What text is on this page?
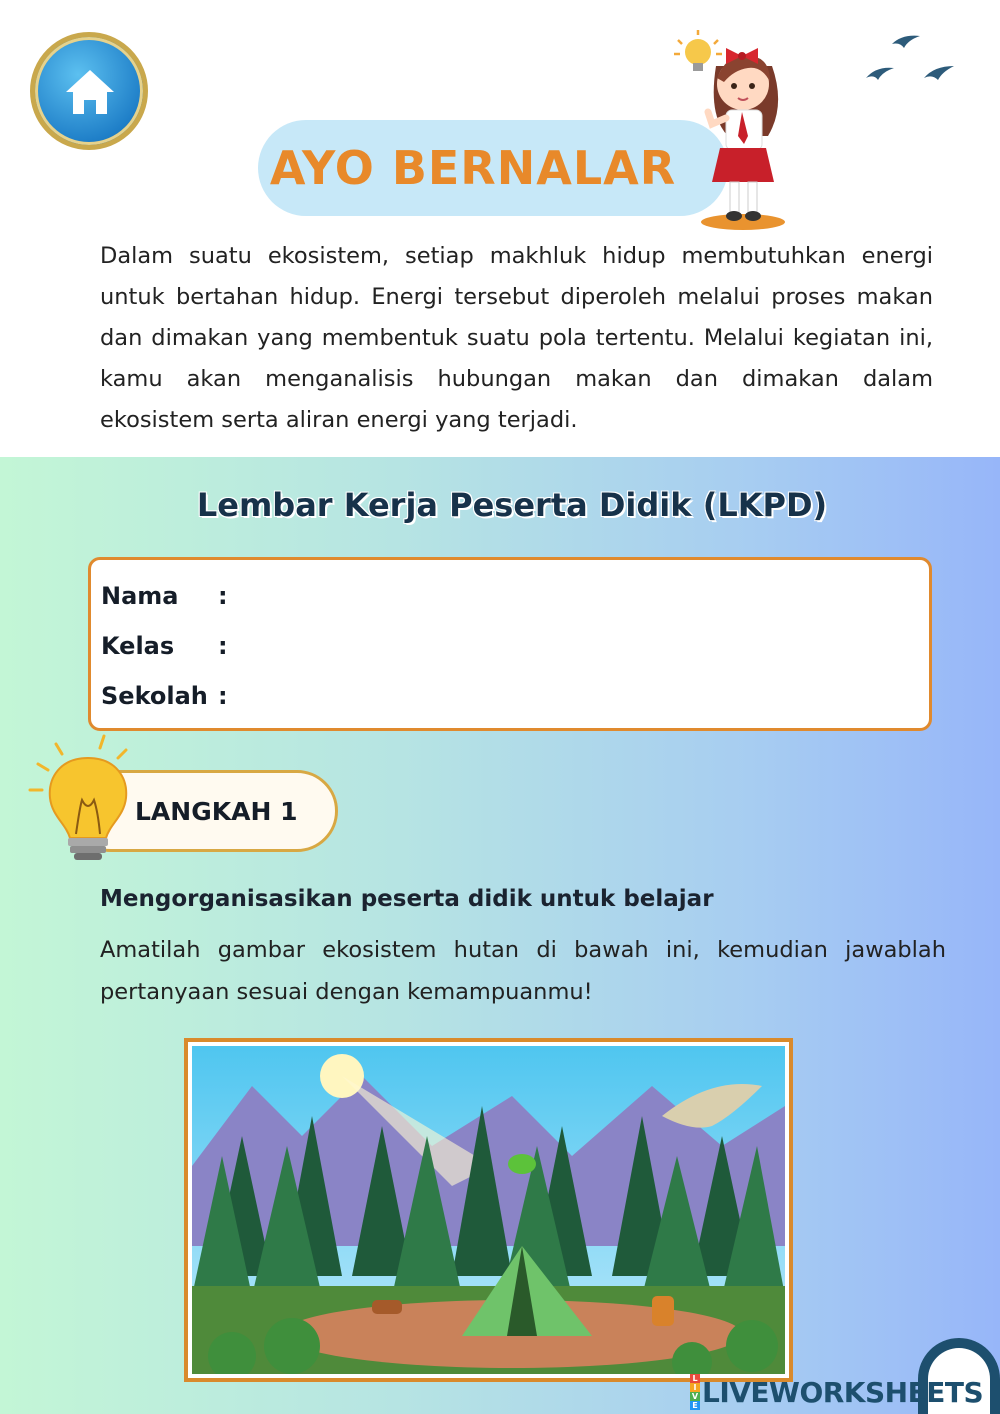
AYO BERNALAR

Dalam suatu ekosistem, setiap makhluk hidup membutuhkan energi untuk bertahan hidup. Energi tersebut diperoleh melalui proses makan dan dimakan yang membentuk suatu pola tertentu. Melalui kegiatan ini, kamu akan menganalisis hubungan makan dan dimakan dalam ekosistem serta aliran energi yang terjadi.

Lembar Kerja Peserta Didik (LKPD)
Nama	:
Kelas	:
Sekolah :
LANGKAH 1
Mengorganisasikan peserta didik untuk belajar

Amatilah gambar ekosistem hutan di bawah ini, kemudian jawablah pertanyaan sesuai dengan kemampuanmu!

L
I
V
E LIVEWORKSHEETS
